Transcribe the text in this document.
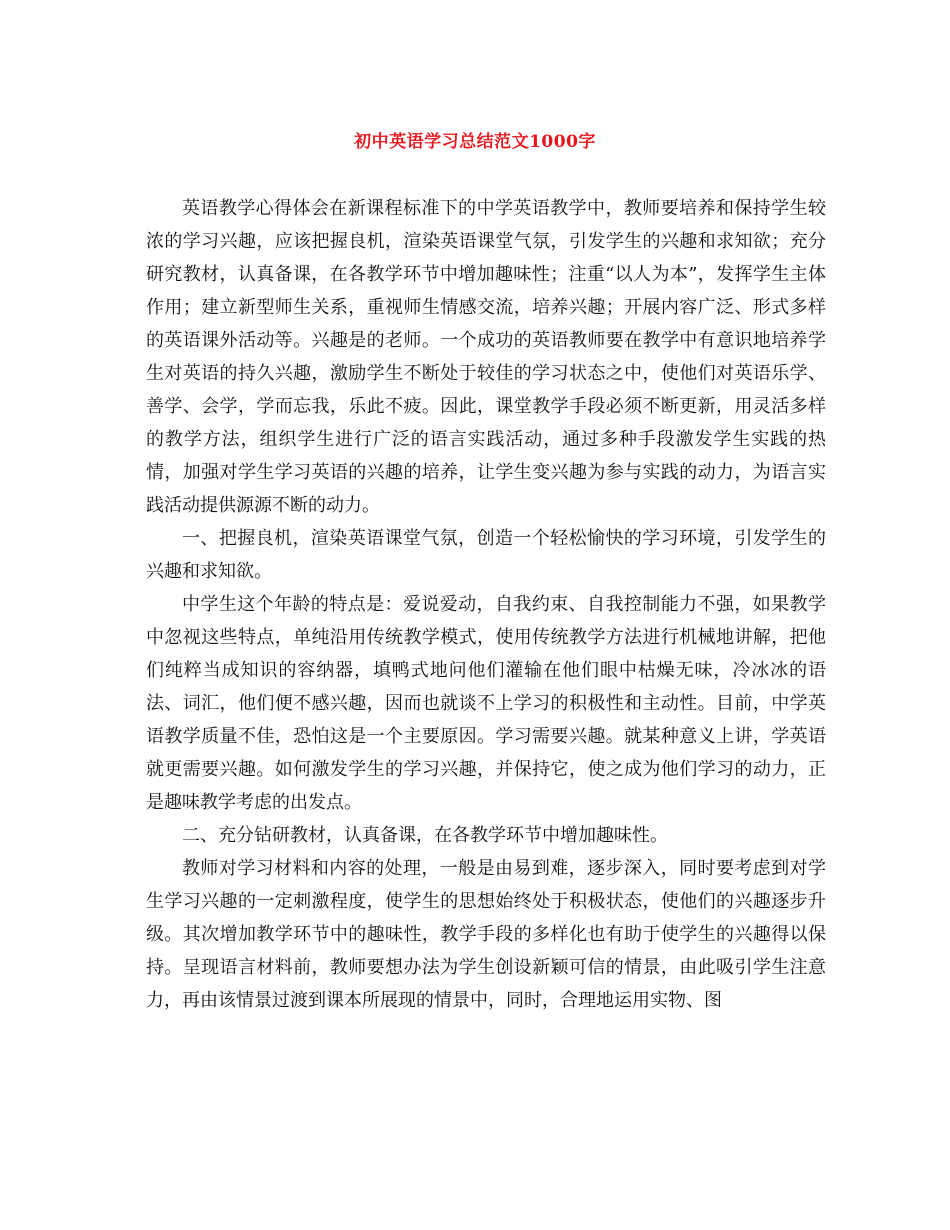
初中英语学习总结范文1000字

英语教学心得体会在新课程标准下的中学英语教学中，教师要培养和保持学生较浓的学习兴趣，应该把握良机，渲染英语课堂气氛，引发学生的兴趣和求知欲；充分研究教材，认真备课，在各教学环节中增加趣味性；注重“以人为本”，发挥学生主体作用；建立新型师生关系，重视师生情感交流，培养兴趣；开展内容广泛、形式多样的英语课外活动等。兴趣是的老师。一个成功的英语教师要在教学中有意识地培养学生对英语的持久兴趣，激励学生不断处于较佳的学习状态之中，使他们对英语乐学、善学、会学，学而忘我，乐此不疲。因此，课堂教学手段必须不断更新，用灵活多样的教学方法，组织学生进行广泛的语言实践活动，通过多种手段激发学生实践的热情，加强对学生学习英语的兴趣的培养，让学生变兴趣为参与实践的动力，为语言实践活动提供源源不断的动力。

一、把握良机，渲染英语课堂气氛，创造一个轻松愉快的学习环境，引发学生的兴趣和求知欲。

中学生这个年龄的特点是：爱说爱动，自我约束、自我控制能力不强，如果教学中忽视这些特点，单纯沿用传统教学模式，使用传统教学方法进行机械地讲解，把他们纯粹当成知识的容纳器，填鸭式地问他们灌输在他们眼中枯燥无味，冷冰冰的语法、词汇，他们便不感兴趣，因而也就谈不上学习的积极性和主动性。目前，中学英语教学质量不佳，恐怕这是一个主要原因。学习需要兴趣。就某种意义上讲，学英语就更需要兴趣。如何激发学生的学习兴趣，并保持它，使之成为他们学习的动力，正是趣味教学考虑的出发点。

二、充分钻研教材，认真备课，在各教学环节中增加趣味性。

教师对学习材料和内容的处理，一般是由易到难，逐步深入，同时要考虑到对学生学习兴趣的一定刺激程度，使学生的思想始终处于积极状态，使他们的兴趣逐步升级。其次增加教学环节中的趣味性，教学手段的多样化也有助于使学生的兴趣得以保持。呈现语言材料前，教师要想办法为学生创设新颖可信的情景，由此吸引学生注意力，再由该情景过渡到课本所展现的情景中，同时，合理地运用实物、图
